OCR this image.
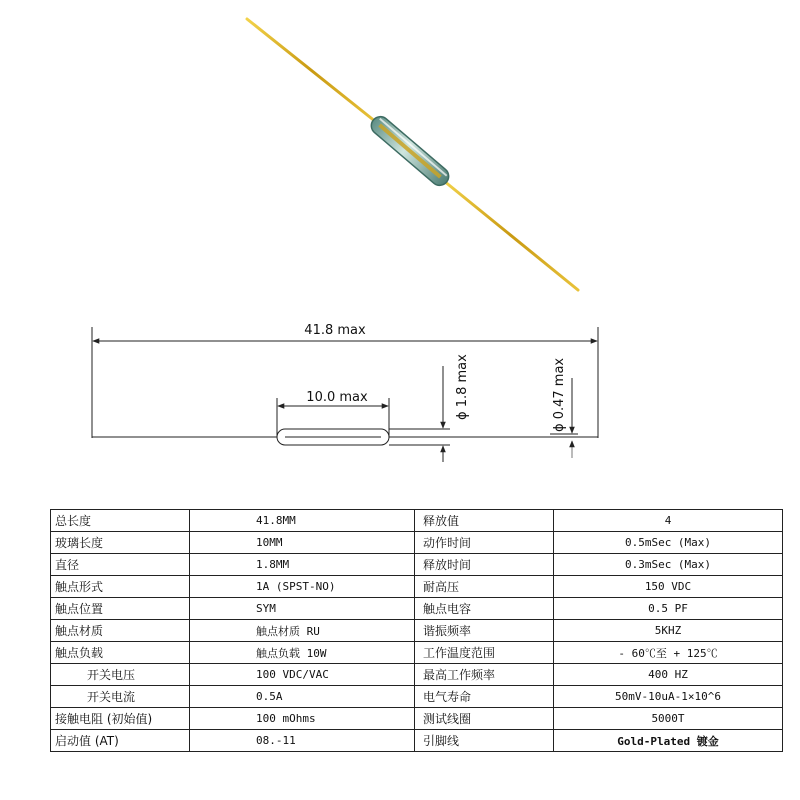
41.8 max
10.0 max	ϕ 1.8 max	ϕ 0.47 max
总长度	41.8MM	释放值	4
玻璃长度	10MM	动作时间	0.5mSec (Max)
直径	1.8MM	释放时间	0.3mSec (Max)
触点形式	1A (SPST-NO)	耐高压	150 VDC
触点位置	SYM	触点电容	0.5 PF
触点材质	触点材质 RU	谐振频率	5KHZ
触点负载	触点负载 10W	工作温度范围	- 60℃至 + 125℃
开关电压	100 VDC/VAC	最高工作频率	400 HZ
开关电流	0.5A	电气寿命	50mV-10uA-1×10^6
接触电阻 (初始值)	100 mOhms	测试线圈	5000T
启动值 (AT)	08.-11	引脚线	Gold-Plated 镀金
